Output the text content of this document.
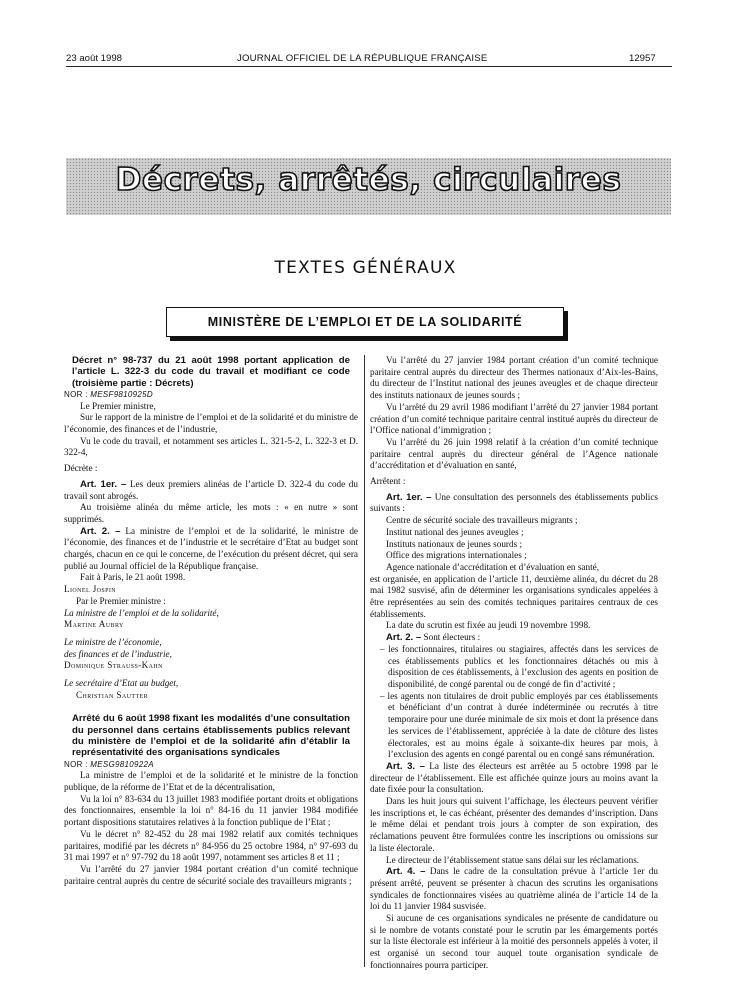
23 août 1998	JOURNAL OFFICIEL DE LA RÉPUBLIQUE FRANÇAISE	12957
Décrets, arrêtés, circulaires
TEXTES GÉNÉRAUX
MINISTÈRE DE L’EMPLOI ET DE LA SOLIDARITÉ

Décret n° 98-737 du 21 août 1998 portant application de l’article L. 322-3 du code du travail et modifiant ce code (troisième partie : Décrets)

NOR : MESF9810925D

Le Premier ministre,

Sur le rapport de la ministre de l’emploi et de la solidarité et du ministre de l’économie, des finances et de l’industrie,

Vu le code du travail, et notamment ses articles L. 321-5-2, L. 322-3 et D. 322-4,

Décrète :

Art. 1er. – Les deux premiers alinéas de l’article D. 322-4 du code du travail sont abrogés.

Au troisième alinéa du même article, les mots : « en nutre » sont supprimés.

Art. 2. – La ministre de l’emploi et de la solidarité, le ministre de l’économie, des finances et de l’industrie et le secrétaire d’Etat au budget sont chargés, chacun en ce qui le concerne, de l’exécution du présent décret, qui sera publié au Journal officiel de la République française.

Fait à Paris, le 21 août 1998.

Lionel Jospin

Par le Premier ministre :

La ministre de l’emploi et de la solidarité,

Martine Aubry

Le ministre de l’économie,

des finances et de l’industrie,

Dominique Strauss-Kahn

Le secrétaire d’Etat au budget,

Christian Sautter

Arrêté du 6 août 1998 fixant les modalités d’une consultation du personnel dans certains établissements publics relevant du ministère de l’emploi et de la solidarité afin d’établir la représentativité des organisations syndicales

NOR : MESG9810922A

La ministre de l’emploi et de la solidarité et le ministre de la fonction publique, de la réforme de l’Etat et de la décentralisation,

Vu la loi n° 83-634 du 13 juillet 1983 modifiée portant droits et obligations des fonctionnaires, ensemble la loi n° 84-16 du 11 janvier 1984 modifiée portant dispositions statutaires relatives à la fonction publique de l’Etat ;

Vu le décret n° 82-452 du 28 mai 1982 relatif aux comités techniques paritaires, modifié par les décrets n° 84-956 du 25 octobre 1984, n° 97-693 du 31 mai 1997 et n° 97-792 du 18 août 1997, notamment ses articles 8 et 11 ;

Vu l’arrêté du 27 janvier 1984 portant création d’un comité technique paritaire central auprès du centre de sécurité sociale des travailleurs migrants ;

Vu l’arrêté du 27 janvier 1984 portant création d’un comité technique paritaire central auprès du directeur des Thermes nationaux d’Aix-les-Bains, du directeur de l’Institut national des jeunes aveugles et de chaque directeur des instituts nationaux de jeunes sourds ;

Vu l’arrêté du 29 avril 1986 modifiant l’arrêté du 27 janvier 1984 portant création d’un comité technique paritaire central institué auprès du directeur de l’Office national d’immigration ;

Vu l’arrêté du 26 juin 1998 relatif à la création d’un comité technique paritaire central auprès du directeur général de l’Agence nationale d’accréditation et d’évaluation en santé,

Arrêtent :

Art. 1er. – Une consultation des personnels des établissements publics suivants :

Centre de sécurité sociale des travailleurs migrants ;

Institut national des jeunes aveugles ;

Instituts nationaux de jeunes sourds ;

Office des migrations internationales ;

Agence nationale d’accréditation et d’évaluation en santé,

est organisée, en application de l’article 11, deuxième alinéa, du décret du 28 mai 1982 susvisé, afin de déterminer les organisations syndicales appelées à être représentées au sein des comités techniques paritaires centraux de ces établissements.

La date du scrutin est fixée au jeudi 19 novembre 1998.

Art. 2. – Sont électeurs :

– les fonctionnaires, titulaires ou stagiaires, affectés dans les services de ces établissements publics et les fonctionnaires détachés ou mis à disposition de ces établissements, à l’exclusion des agents en position de disponibilité, de congé parental ou de congé de fin d’activité ;

– les agents non titulaires de droit public employés par ces établissements et bénéficiant d’un contrat à durée indéterminée ou recrutés à titre temporaire pour une durée minimale de six mois et dont la présence dans les services de l’établissement, appréciée à la date de clôture des listes électorales, est au moins égale à soixante-dix heures par mois, à l’exclusion des agents en congé parental ou en congé sans rémunération.

Art. 3. – La liste des électeurs est arrêtée au 5 octobre 1998 par le directeur de l’établissement. Elle est affichée quinze jours au moins avant la date fixée pour la consultation.

Dans les huit jours qui suivent l’affichage, les électeurs peuvent vérifier les inscriptions et, le cas échéant, présenter des demandes d’inscription. Dans le même délai et pendant trois jours à compter de son expiration, des réclamations peuvent être formulées contre les inscriptions ou omissions sur la liste électorale.

Le directeur de l’établissement statue sans délai sur les réclamations.

Art. 4. – Dans le cadre de la consultation prévue à l’article 1er du présent arrêté, peuvent se présenter à chacun des scrutins les organisations syndicales de fonctionnaires visées au quatrième alinéa de l’article 14 de la loi du 11 janvier 1984 susvisée.

Si aucune de ces organisations syndicales ne présente de candidature ou si le nombre de votants constaté pour le scrutin par les émargements portés sur la liste électorale est inférieur à la moitié des personnels appelés à voter, il est organisé un second tour auquel toute organisation syndicale de fonctionnaires pourra participer.
